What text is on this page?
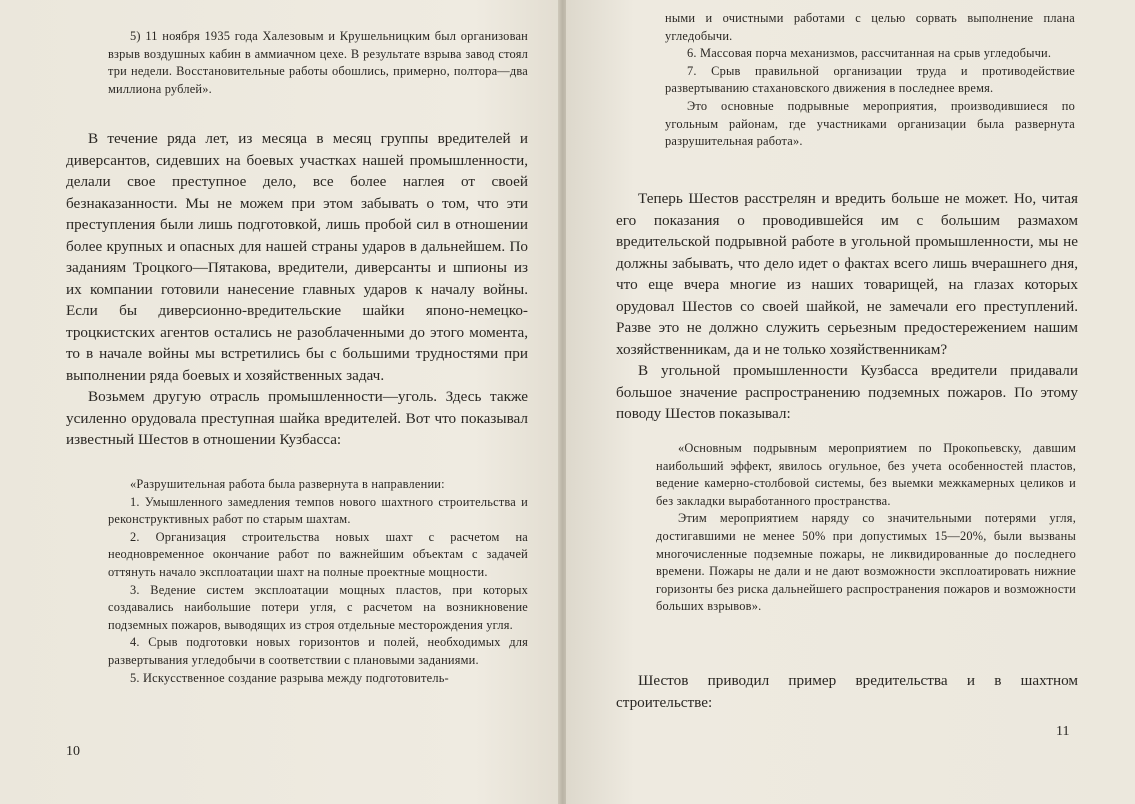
5) 11 ноября 1935 года Халезовым и Крушельницким был организован взрыв воздушных кабин в аммиачном цехе. В результате взрыва завод стоял три недели. Восстановительные работы обошлись, примерно, полтора—два миллиона рублей».

В течение ряда лет, из месяца в месяц группы вредителей и диверсантов, сидевших на боевых участках нашей промышленности, делали свое преступное дело, все более наглея от своей безнаказанности. Мы не можем при этом забывать о том, что эти преступления были лишь подготовкой, лишь пробой сил в отношении более крупных и опасных для нашей страны ударов в дальнейшем. По заданиям Троцкого—Пятакова, вредители, диверсанты и шпионы из их компании готовили нанесение главных ударов к началу войны. Если бы диверсионно-вредительские шайки японо-немецко-троцкистских агентов остались не разоблаченными до этого момента, то в начале войны мы встретились бы с большими трудностями при выполнении ряда боевых и хозяйственных задач.

Возьмем другую отрасль промышленности—уголь. Здесь также усиленно орудовала преступная шайка вредителей. Вот что показывал известный Шестов в отношении Кузбасса:

«Разрушительная работа была развернута в направлении:

1. Умышленного замедления темпов нового шахтного строительства и реконструктивных работ по старым шахтам.

2. Организация строительства новых шахт с расчетом на неодновременное окончание работ по важнейшим объектам с задачей оттянуть начало эксплоатации шахт на полные проектные мощности.

3. Ведение систем эксплоатации мощных пластов, при которых создавались наибольшие потери угля, с расчетом на возникновение подземных пожаров, выводящих из строя отдельные месторождения угля.

4. Срыв подготовки новых горизонтов и полей, необходимых для развертывания угледобычи в соответствии с плановыми заданиями.

5. Искусственное создание разрыва между подготовитель-

10

ными и очистными работами с целью сорвать выполнение плана угледобычи.

6. Массовая порча механизмов, рассчитанная на срыв угледобычи.

7. Срыв правильной организации труда и противодействие развертыванию стахановского движения в последнее время.

Это основные подрывные мероприятия, производившиеся по угольным районам, где участниками организации была развернута разрушительная работа».

Теперь Шестов расстрелян и вредить больше не может. Но, читая его показания о проводившейся им с большим размахом вредительской подрывной работе в угольной промышленности, мы не должны забывать, что дело идет о фактах всего лишь вчерашнего дня, что еще вчера многие из наших товарищей, на глазах которых орудовал Шестов со своей шайкой, не замечали его преступлений. Разве это не должно служить серьезным предостережением нашим хозяйственникам, да и не только хозяйственникам?

В угольной промышленности Кузбасса вредители придавали большое значение распространению подземных пожаров. По этому поводу Шестов показывал:

«Основным подрывным мероприятием по Прокопьевску, давшим наибольший эффект, явилось огульное, без учета особенностей пластов, ведение камерно-столбовой системы, без выемки межкамерных целиков и без закладки выработанного пространства.

Этим мероприятием наряду со значительными потерями угля, достигавшими не менее 50% при допустимых 15—20%, были вызваны многочисленные подземные пожары, не ликвидированные до последнего времени. Пожары не дали и не дают возможности эксплоатировать нижние горизонты без риска дальнейшего распространения пожаров и возможности больших взрывов».

Шестов приводил пример вредительства и в шахтном строительстве:

11
